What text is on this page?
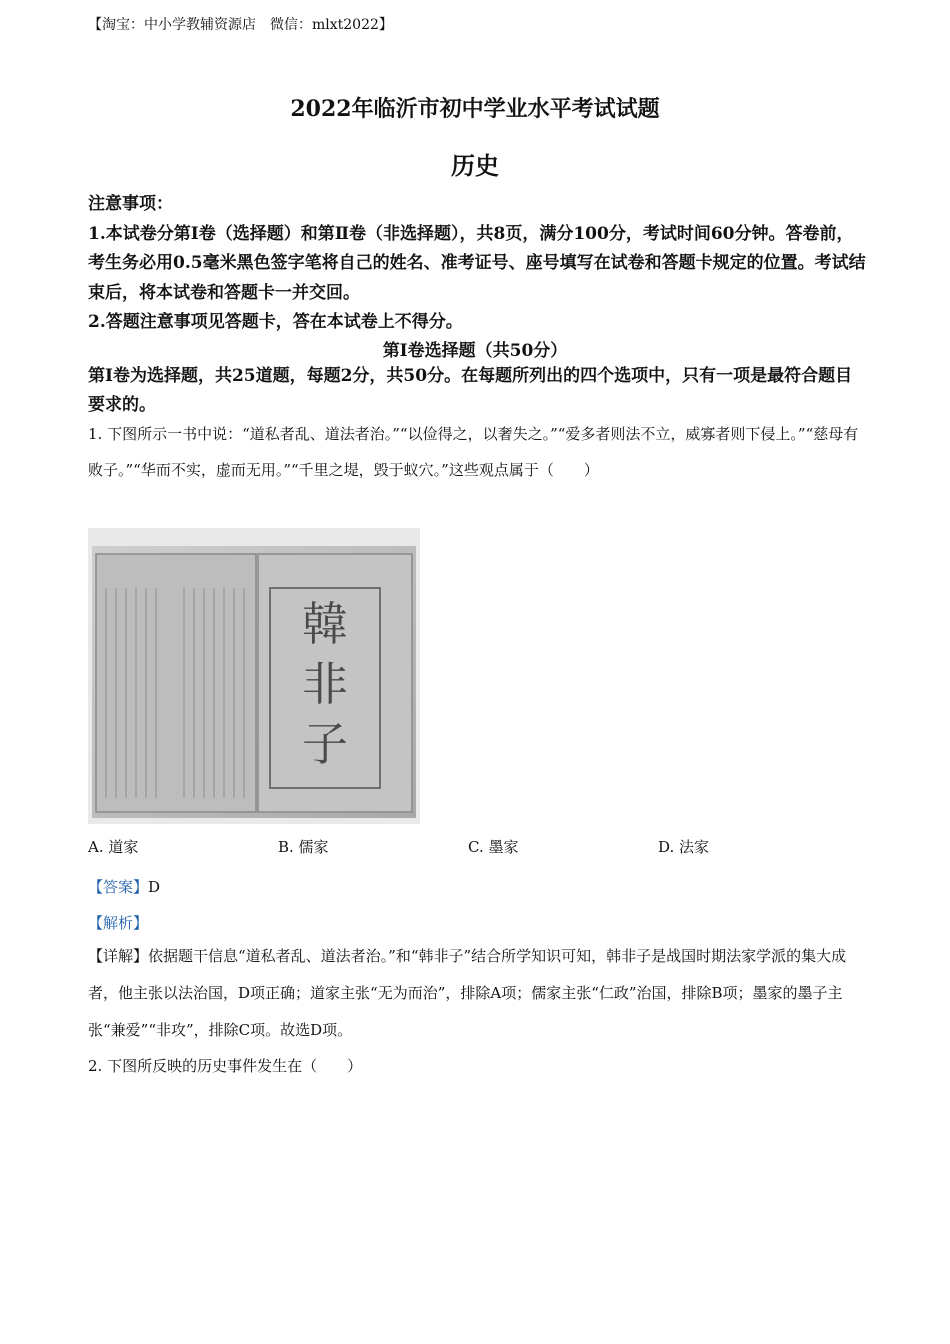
【淘宝：中小学教辅资源店　微信：mlxt2022】
2022年临沂市初中学业水平考试试题
历史

注意事项：

1.本试卷分第Ⅰ卷（选择题）和第Ⅱ卷（非选择题），共8页，满分100分，考试时间60分钟。答卷前，考生务必用0.5毫米黑色签字笔将自己的姓名、准考证号、座号填写在试卷和答题卡规定的位置。考试结束后，将本试卷和答题卡一并交回。

2.答题注意事项见答题卡，答在本试卷上不得分。

第Ⅰ卷选择题（共50分）
第Ⅰ卷为选择题，共25道题，每题2分，共50分。在每题所列出的四个选项中，只有一项是最符合题目要求的。
1. 下图所示一书中说：“道私者乱、道法者治。”“以俭得之，以奢失之。”“爱多者则法不立，威寡者则下侵上。”“慈母有败子。”“华而不实，虚而无用。”“千里之堤，毁于蚁穴。”这些观点属于（　　）
韓
非
子
A. 道家	B. 儒家	C. 墨家	D. 法家
【答案】D
【解析】
【详解】依据题干信息“道私者乱、道法者治。”和“韩非子”结合所学知识可知，韩非子是战国时期法家学派的集大成者，他主张以法治国，D项正确；道家主张“无为而治”，排除A项；儒家主张“仁政”治国，排除B项；墨家的墨子主张“兼爱”“非攻”，排除C项。故选D项。
2. 下图所反映的历史事件发生在（　　）
